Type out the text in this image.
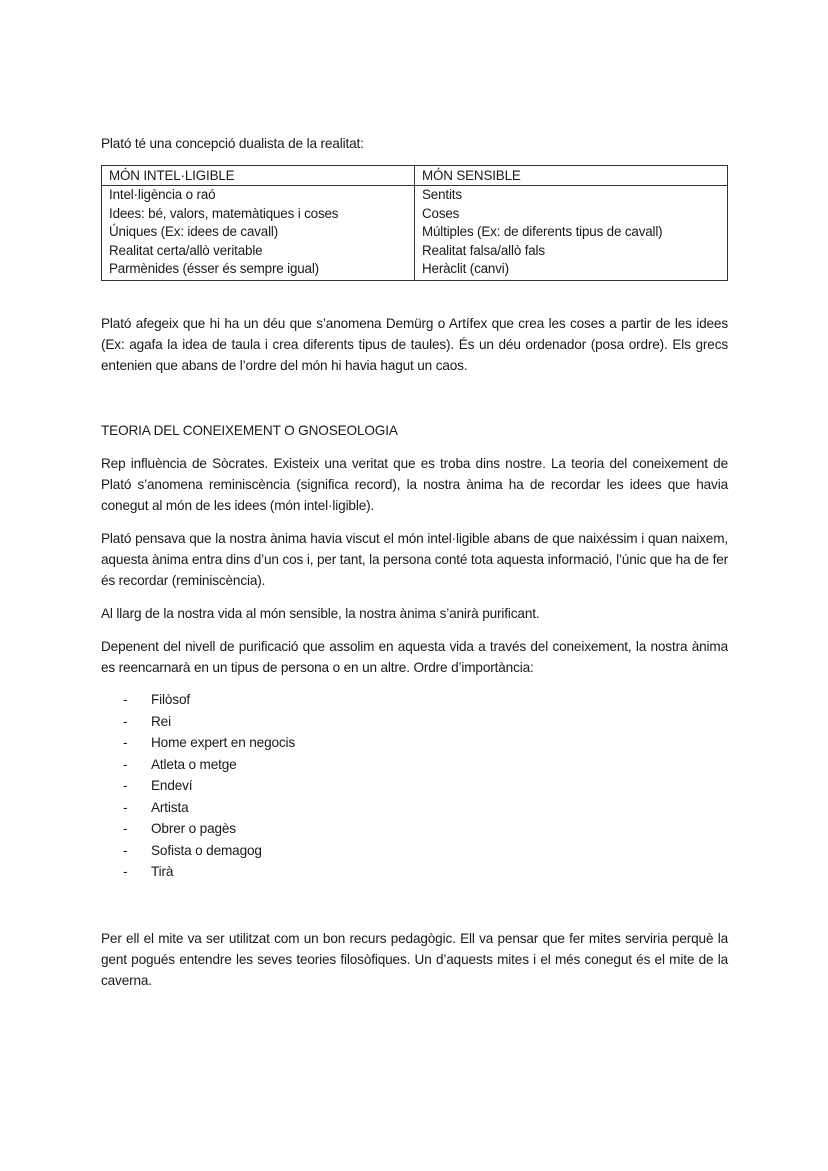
Plató té una concepció dualista de la realitat:
MÓN INTEL·LIGIBLE	MÓN SENSIBLE
Intel·ligència o raó	Sentits
Idees: bé, valors, matemàtiques i coses	Coses
Úniques (Ex: idees de cavall)	Múltiples (Ex: de diferents tipus de cavall)
Realitat certa/allò veritable	Realitat falsa/allò fals
Parmènides (ésser és sempre igual)	Heràclit (canvi)

Plató afegeix que hi ha un déu que s’anomena Demürg o Artífex que crea les coses a partir de les idees (Ex: agafa la idea de taula i crea diferents tipus de taules). És un déu ordenador (posa ordre). Els grecs entenien que abans de l’ordre del món hi havia hagut un caos.

TEORIA DEL CONEIXEMENT O GNOSEOLOGIA

Rep influència de Sòcrates. Existeix una veritat que es troba dins nostre. La teoria del coneixement de Plató s’anomena reminiscència (significa record), la nostra ànima ha de recordar les idees que havia conegut al món de les idees (món intel·ligible).

Plató pensava que la nostra ànima havia viscut el món intel·ligible abans de que naixéssim i quan naixem, aquesta ànima entra dins d’un cos i, per tant, la persona conté tota aquesta informació, l’únic que ha de fer és recordar (reminiscència).

Al llarg de la nostra vida al món sensible, la nostra ànima s’anirà purificant.

Depenent del nivell de purificació que assolim en aquesta vida a través del coneixement, la nostra ànima es reencarnarà en un tipus de persona o en un altre. Ordre d’importància:

- Filòsof
- Rei
- Home expert en negocis
- Atleta o metge
- Endeví
- Artista
- Obrer o pagès
- Sofista o demagog
- Tirà

Per ell el mite va ser utilitzat com un bon recurs pedagògic. Ell va pensar que fer mites serviria perquè la gent pogués entendre les seves teories filosòfiques. Un d’aquests mites i el més conegut és el mite de la caverna.
